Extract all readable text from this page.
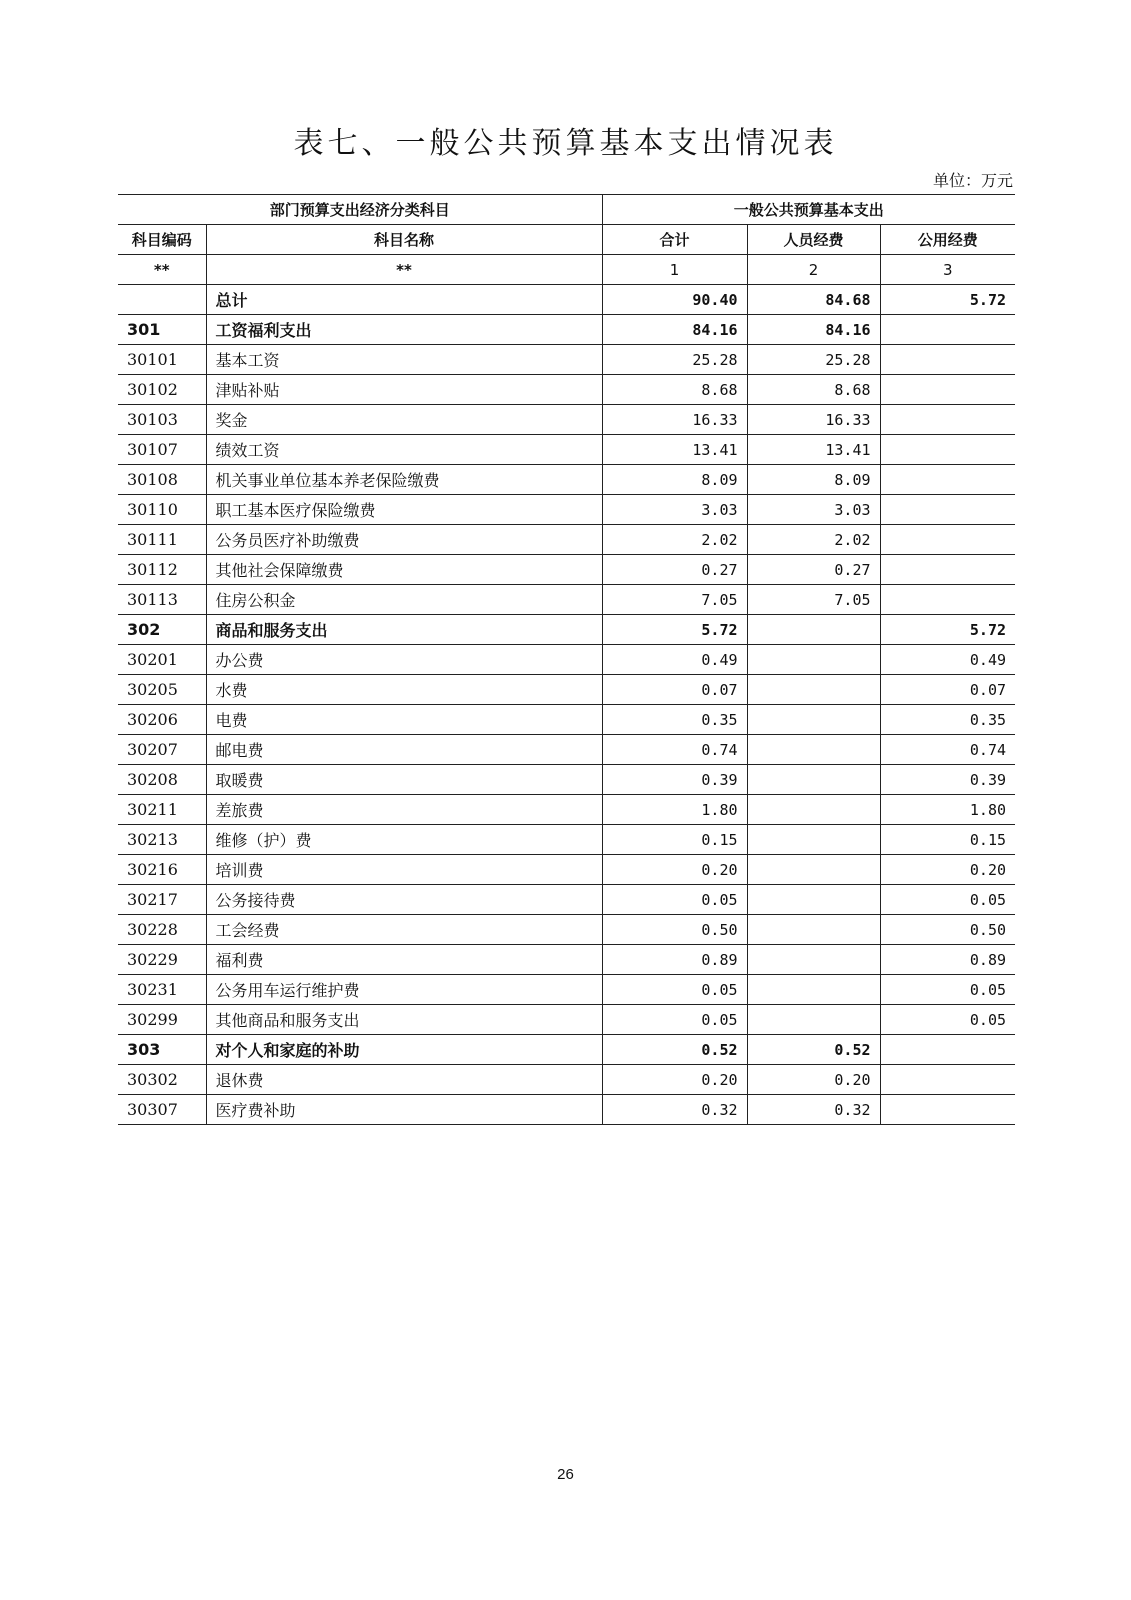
表七、一般公共预算基本支出情况表
单位：万元
部门预算支出经济分类科目		一般公共预算基本支出		
科目编码	科目名称	合计	人员经费	公用经费
**	**	1	2	3
	总计	90.40	84.68	5.72
301	工资福利支出	84.16	84.16	
30101	基本工资	25.28	25.28	
30102	津贴补贴	8.68	8.68	
30103	奖金	16.33	16.33	
30107	绩效工资	13.41	13.41	
30108	机关事业单位基本养老保险缴费	8.09	8.09	
30110	职工基本医疗保险缴费	3.03	3.03	
30111	公务员医疗补助缴费	2.02	2.02	
30112	其他社会保障缴费	0.27	0.27	
30113	住房公积金	7.05	7.05	
302	商品和服务支出	5.72		5.72
30201	办公费	0.49		0.49
30205	水费	0.07		0.07
30206	电费	0.35		0.35
30207	邮电费	0.74		0.74
30208	取暖费	0.39		0.39
30211	差旅费	1.80		1.80
30213	维修（护）费	0.15		0.15
30216	培训费	0.20		0.20
30217	公务接待费	0.05		0.05
30228	工会经费	0.50		0.50
30229	福利费	0.89		0.89
30231	公务用车运行维护费	0.05		0.05
30299	其他商品和服务支出	0.05		0.05
303	对个人和家庭的补助	0.52	0.52	
30302	退休费	0.20	0.20	
30307	医疗费补助	0.32	0.32	
26
